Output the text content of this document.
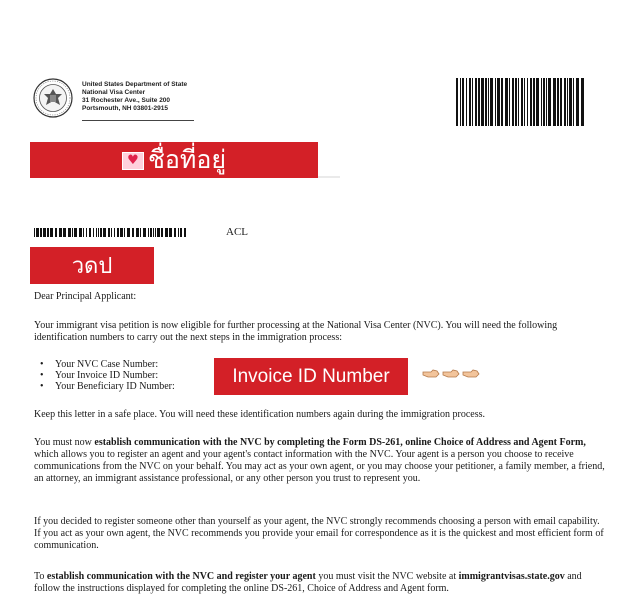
United States Department of State
National Visa Center
31 Rochester Ave., Suite 200
Portsmouth, NH 03801-2915
♥ ชื่อที่อยู่
ACL
วดป
Dear Principal Applicant:
Your immigrant visa petition is now eligible for further processing at the National Visa Center (NVC). You will need the following identification numbers to carry out the next steps in the immigration process:
•	Your NVC Case Number:
•	Your Invoice ID Number:
•	Your Beneficiary ID Number:	Invoice ID Number
Keep this letter in a safe place. You will need these identification numbers again during the immigration process.
You must now establish communication with the NVC by completing the Form DS-261, online Choice of Address and Agent Form, which allows you to register an agent and your agent's contact information with the NVC. Your agent is a person you choose to receive communications from the NVC on your behalf. You may act as your own agent, or you may choose your petitioner, a family member, a friend, an attorney, an immigrant assistance professional, or any other person you trust to represent you.
If you decided to register someone other than yourself as your agent, the NVC strongly recommends choosing a person with email capability. If you act as your own agent, the NVC recommends you provide your email for correspondence as it is the quickest and most efficient form of communication.
To establish communication with the NVC and register your agent you must visit the NVC website at immigrantvisas.state.gov and follow the instructions displayed for completing the online DS-261, Choice of Address and Agent form.
